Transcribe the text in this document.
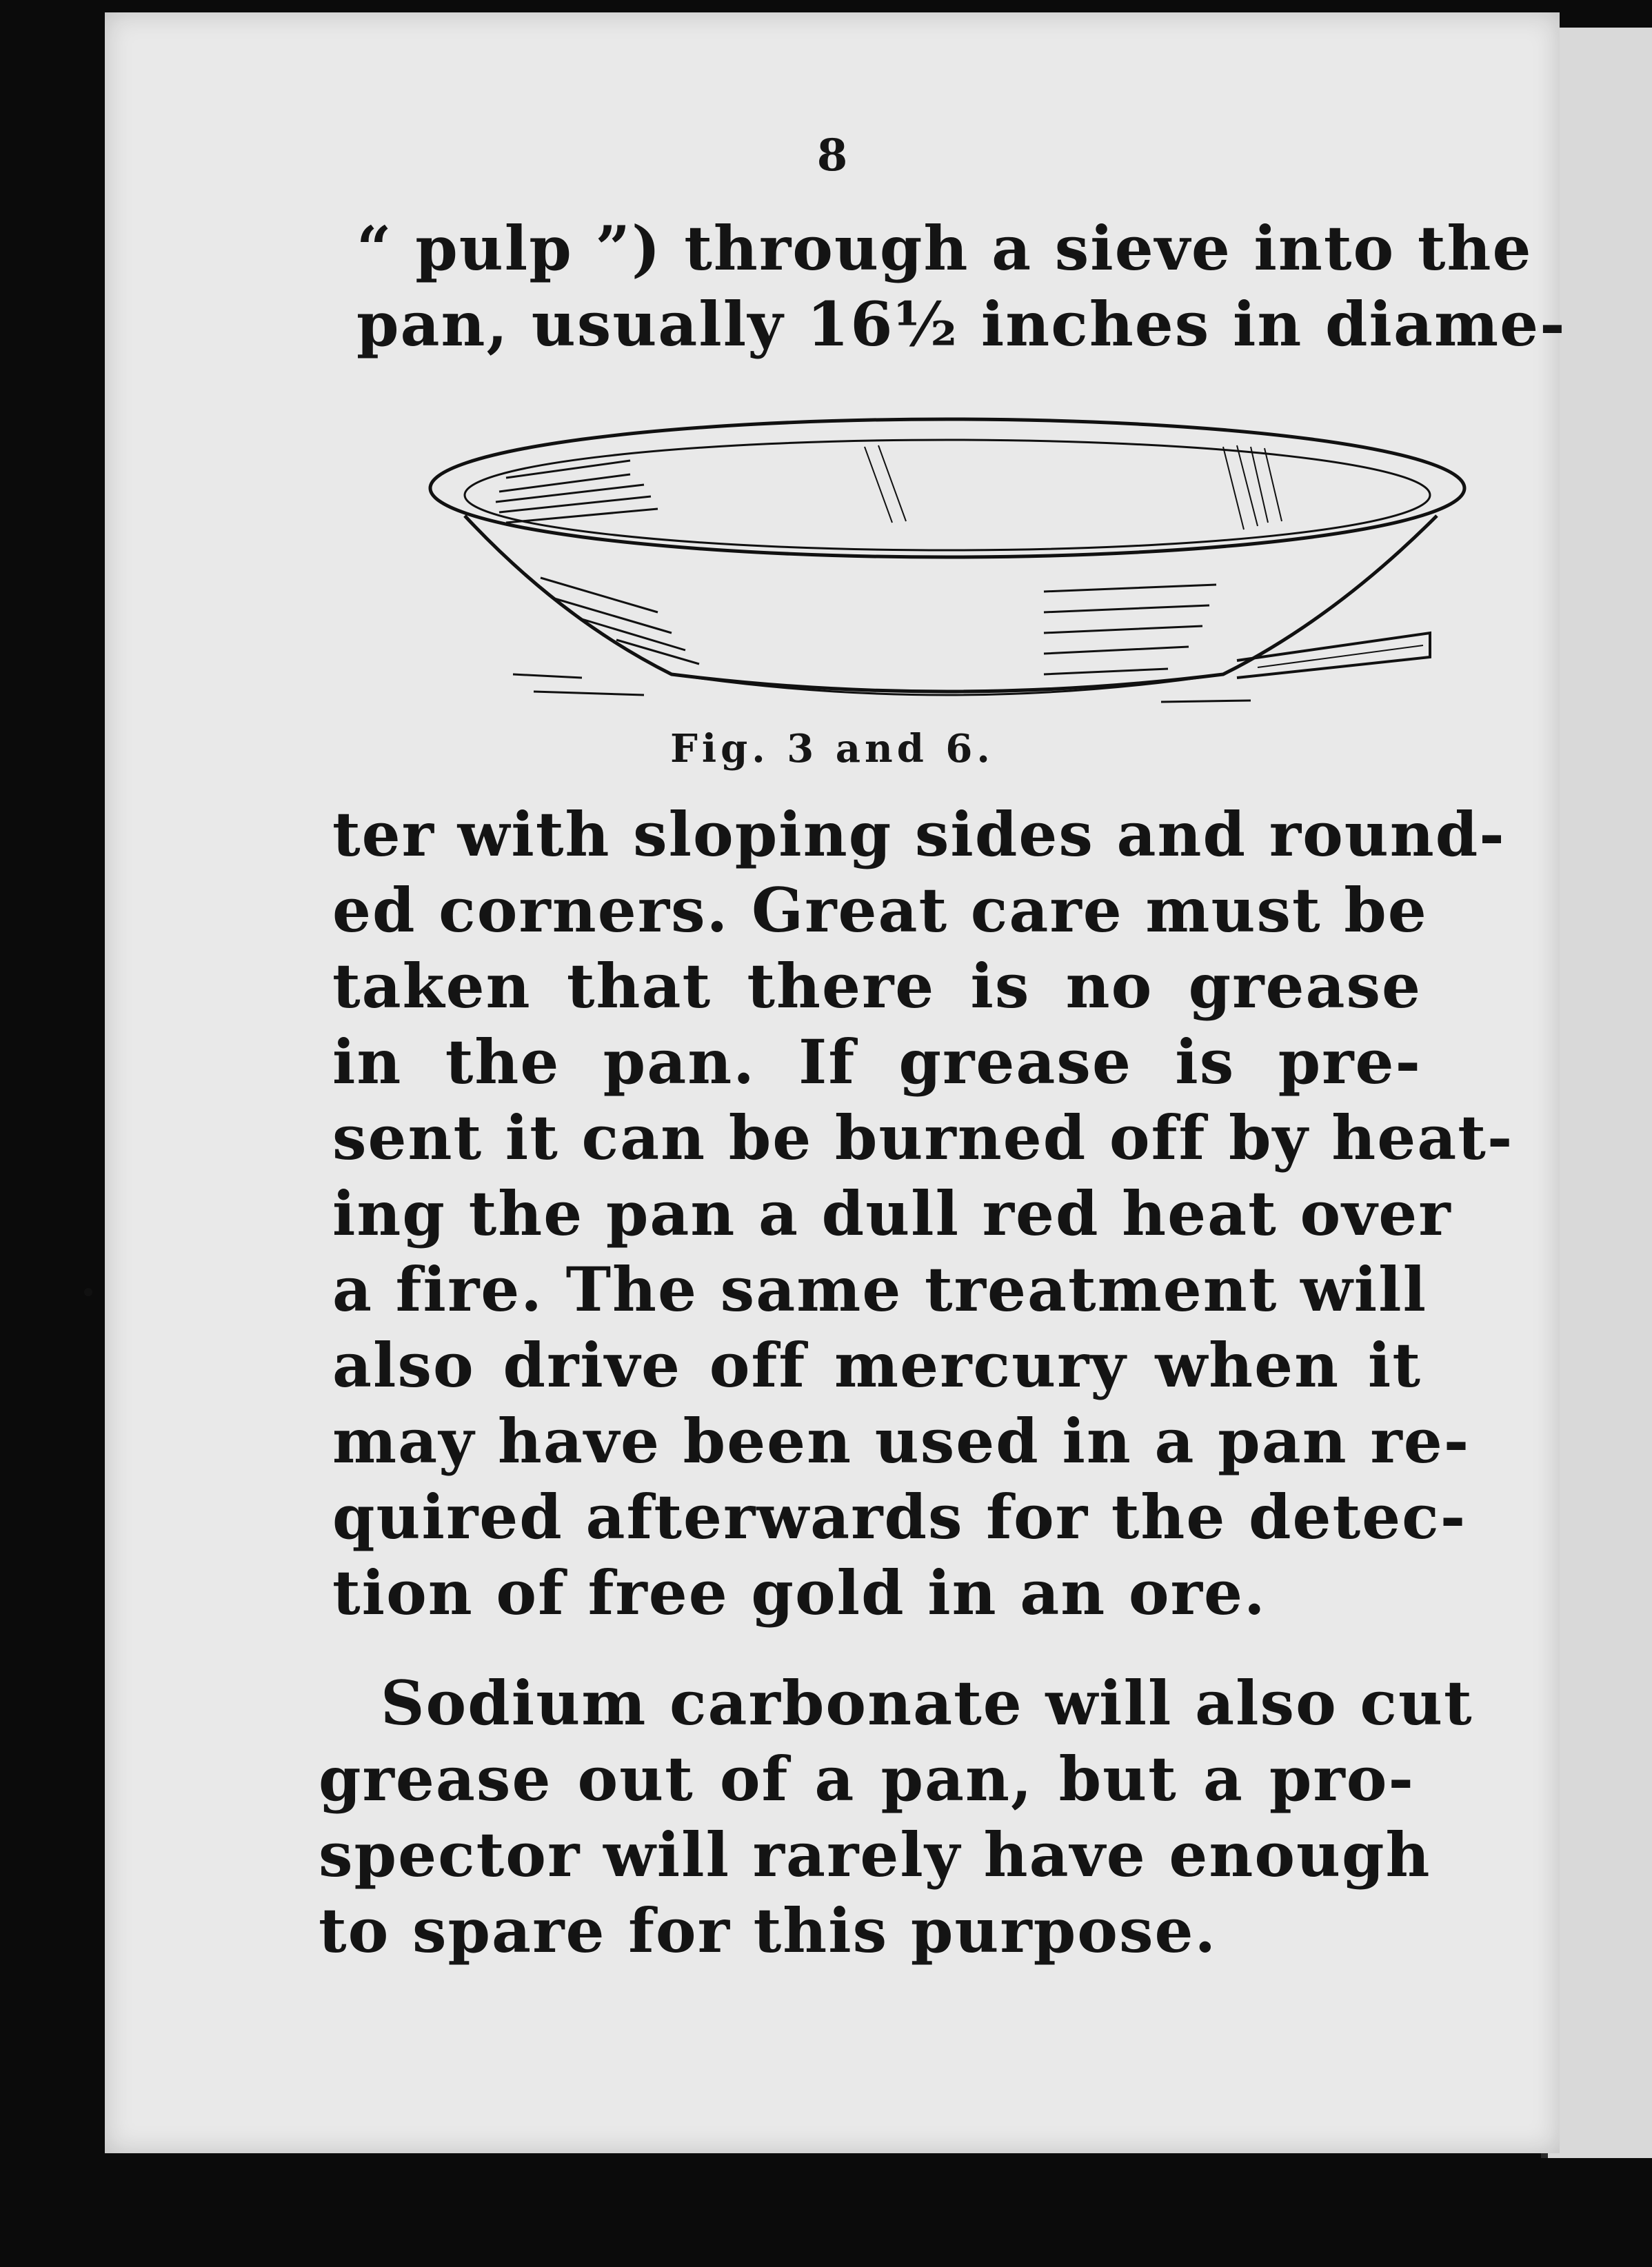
8
“ pulp ”) through a sieve into the
pan, usually 16½ inches in diame-
Fig. 3 and 6.
ter with sloping sides and round-
ed corners. Great care must be
taken that there is no grease
in the pan. If grease is pre-
sent it can be burned off by heat-
ing the pan a dull red heat over
a fire. The same treatment will
also drive off mercury when it
may have been used in a pan re-
quired afterwards for the detec-
tion of free gold in an ore.
Sodium carbonate will also cut
grease out of a pan, but a pro-
spector will rarely have enough
to spare for this purpose.
